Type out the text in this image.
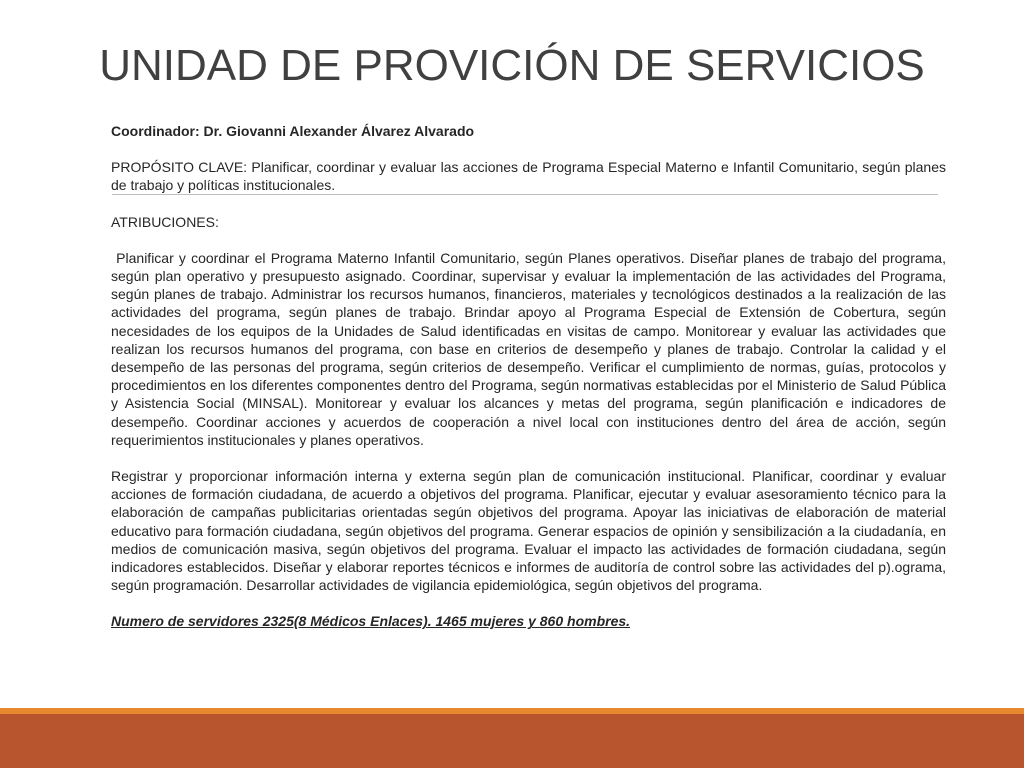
UNIDAD DE PROVICIÓN DE SERVICIOS

Coordinador: Dr. Giovanni Alexander Álvarez Alvarado

PROPÓSITO CLAVE: Planificar, coordinar y evaluar las acciones de Programa Especial Materno e Infantil Comunitario, según planes de trabajo y políticas institucionales.

ATRIBUCIONES:

Planificar y coordinar el Programa Materno Infantil Comunitario, según Planes operativos. Diseñar planes de trabajo del programa, según plan operativo y presupuesto asignado. Coordinar, supervisar y evaluar la implementación de las actividades del Programa, según planes de trabajo. Administrar los recursos humanos, financieros, materiales y tecnológicos destinados a la realización de las actividades del programa, según planes de trabajo. Brindar apoyo al Programa Especial de Extensión de Cobertura, según necesidades de los equipos de la Unidades de Salud identificadas en visitas de campo. Monitorear y evaluar las actividades que realizan los recursos humanos del programa, con base en criterios de desempeño y planes de trabajo. Controlar la calidad y el desempeño de las personas del programa, según criterios de desempeño. Verificar el cumplimiento de normas, guías, protocolos y procedimientos en los diferentes componentes dentro del Programa, según normativas establecidas por el Ministerio de Salud Pública y Asistencia Social (MINSAL). Monitorear y evaluar los alcances y metas del programa, según planificación e indicadores de desempeño. Coordinar acciones y acuerdos de cooperación a nivel local con instituciones dentro del área de acción, según requerimientos institucionales y planes operativos.

Registrar y proporcionar información interna y externa según plan de comunicación institucional. Planificar, coordinar y evaluar acciones de formación ciudadana, de acuerdo a objetivos del programa. Planificar, ejecutar y evaluar asesoramiento técnico para la elaboración de campañas publicitarias orientadas según objetivos del programa. Apoyar las iniciativas de elaboración de material educativo para formación ciudadana, según objetivos del programa. Generar espacios de opinión y sensibilización a la ciudadanía, en medios de comunicación masiva, según objetivos del programa. Evaluar el impacto las actividades de formación ciudadana, según indicadores establecidos. Diseñar y elaborar reportes técnicos e informes de auditoría de control sobre las actividades del p).ograma, según programación. Desarrollar actividades de vigilancia epidemiológica, según objetivos del programa.

Numero de servidores 2325(8 Médicos Enlaces). 1465 mujeres y 860 hombres.
